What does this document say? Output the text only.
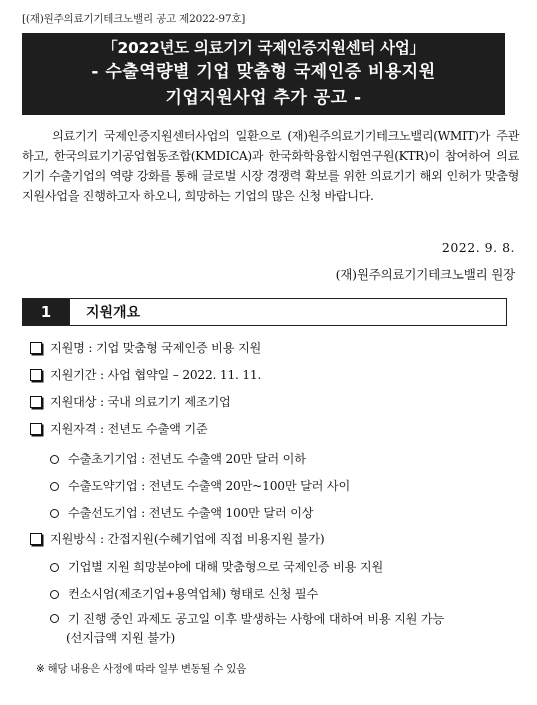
[(재)원주의료기기테크노밸리 공고 제2022-97호]
「2022년도 의료기기 국제인증지원센터 사업」
- 수출역량별 기업 맞춤형 국제인증 비용지원
기업지원사업 추가 공고 -

의료기기 국제인증지원센터사업의 일환으로 (재)원주의료기기테크노밸리(WMIT)가 주관하고, 한국의료기기공업협동조합(KMDICA)과 한국화학융합시험연구원(KTR)이 참여하여 의료기기 수출기업의 역량 강화를 통해 글로벌 시장 경쟁력 확보를 위한 의료기기 해외 인허가 맞춤형 지원사업을 진행하고자 하오니, 희망하는 기업의 많은 신청 바랍니다.

2022. 9. 8.
(재)원주의료기기테크노밸리 원장
1	지원개요
지원명 : 기업 맞춤형 국제인증 비용 지원
지원기간 : 사업 협약일 – 2022. 11. 11.
지원대상 : 국내 의료기기 제조기업
지원자격 : 전년도 수출액 기준
수출초기기업 : 전년도 수출액 20만 달러 이하
수출도약기업 : 전년도 수출액 20만~100만 달러 사이
수출선도기업 : 전년도 수출액 100만 달러 이상
지원방식 : 간접지원(수혜기업에 직접 비용지원 불가)
기업별 지원 희망분야에 대해 맞춤형으로 국제인증 비용 지원
컨소시엄(제조기업+용역업체) 형태로 신청 필수
기 진행 중인 과제도 공고일 이후 발생하는 사항에 대하여 비용 지원 가능
(선지급액 지원 불가)
※ 해당 내용은 사정에 따라 일부 변동될 수 있음
